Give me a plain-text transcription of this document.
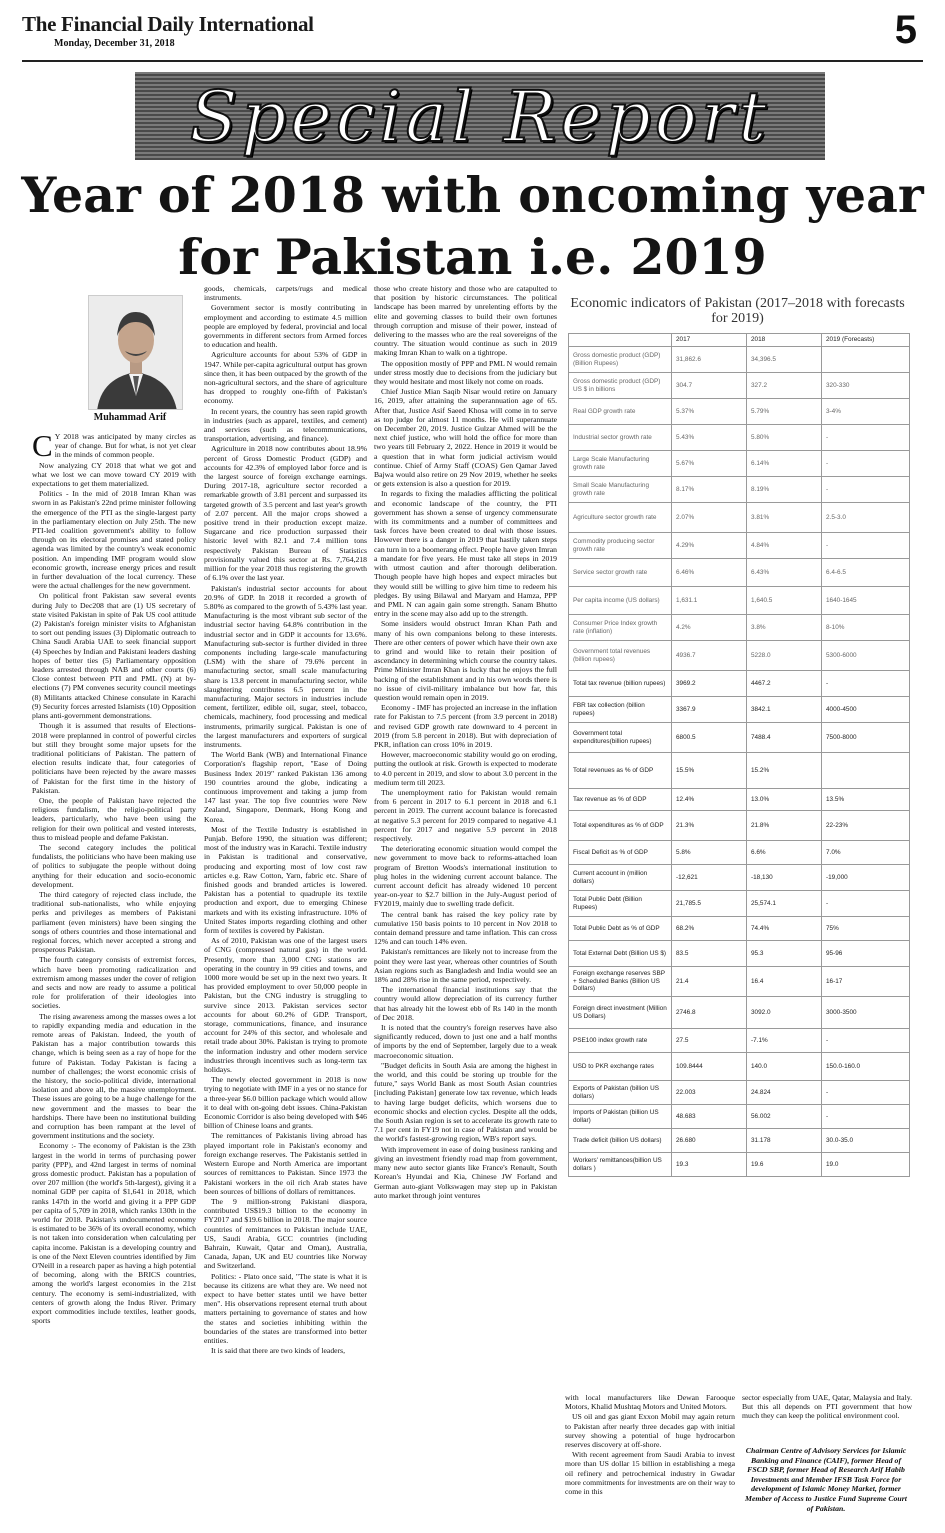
The Financial Daily International
Monday, December 31, 2018	5
Special Report
Year of 2018 with oncoming year for Pakistan i.e. 2019
Muhammad Arif

C Y 2018 was anticipated by many circles as year of change. But for what, is not yet clear in the minds of common people.

Now analyzing CY 2018 that what we got and what we lost we can move toward CY 2019 with expectations to get them materialized.

Politics - In the mid of 2018 Imran Khan was sworn in as Pakistan's 22nd prime minister following the emergence of the PTI as the single-largest party in the parliamentary election on July 25th. The new PTI-led coalition government's ability to follow through on its electoral promises and stated policy agenda was limited by the country's weak economic position. An impending IMF program would slow economic growth, increase energy prices and result in further devaluation of the local currency. These were the actual challenges for the new government.

On political front Pakistan saw several events during July to Dec208 that are (1) US secretary of state visited Pakistan in spite of Pak US cool attitude (2) Pakistan's foreign minister visits to Afghanistan to sort out pending issues (3) Diplomatic outreach to China Saudi Arabia UAE to seek financial support (4) Speeches by Indian and Pakistani leaders dashing hopes of better ties (5) Parliamentary opposition leaders arrested through NAB and other courts (6) Close contest between PTI and PML (N) at by-elections (7) PM convenes security council meetings (8) Militants attacked Chinese consulate in Karachi (9) Security forces arrested Islamists (10) Opposition plans anti-government demonstrations.

Though it is assumed that results of Elections-2018 were preplanned in control of powerful circles but still they brought some major upsets for the traditional politicians of Pakistan. The pattern of election results indicate that, four categories of politicians have been rejected by the aware masses of Pakistan for the first time in the history of Pakistan.

One, the people of Pakistan have rejected the religious fundalism, the religio-political party leaders, particularly, who have been using the religion for their own political and vested interests, thus to mislead people and defame Pakistan.

The second category includes the political fundalists, the politicians who have been making use of politics to subjugate the people without doing anything for their education and socio-economic development.

The third category of rejected class include, the traditional sub-nationalists, who while enjoying perks and privileges as members of Pakistani parliament (even ministers) have been singing the songs of others countries and those international and regional forces, which never accepted a strong and prosperous Pakistan.

The fourth category consists of extremist forces, which have been promoting radicalization and extremism among masses under the cover of religion and sects and now are ready to assume a political role for proliferation of their ideologies into societies.

The rising awareness among the masses owes a lot to rapidly expanding media and education in the remote areas of Pakistan. Indeed, the youth of Pakistan has a major contribution towards this change, which is being seen as a ray of hope for the future of Pakistan. Today Pakistan is facing a number of challenges; the worst economic crisis of the history, the socio-political divide, international isolation and above all, the massive unemployment. These issues are going to be a huge challenge for the new government and the masses to bear the hardships. There have been no institutional building and corruption has been rampant at the level of government institutions and the society.

Economy :- The economy of Pakistan is the 23th largest in the world in terms of purchasing power parity (PPP), and 42nd largest in terms of nominal gross domestic product. Pakistan has a population of over 207 million (the world's 5th-largest), giving it a nominal GDP per capita of $1,641 in 2018, which ranks 147th in the world and giving it a PPP GDP per capita of 5,709 in 2018, which ranks 130th in the world for 2018. Pakistan's undocumented economy is estimated to be 36% of its overall economy, which is not taken into consideration when calculating per capita income. Pakistan is a developing country and is one of the Next Eleven countries identified by Jim O'Neill in a research paper as having a high potential of becoming, along with the BRICS countries, among the world's largest economies in the 21st century. The economy is semi-industrialized, with centers of growth along the Indus River. Primary export commodities include textiles, leather goods, sports

goods, chemicals, carpets/rugs and medical instruments.

Government sector is mostly contributing in employment and according to estimate 4.5 million people are employed by federal, provincial and local governments in different sectors from Armed forces to education and health.

Agriculture accounts for about 53% of GDP in 1947. While per-capita agricultural output has grown since then, it has been outpaced by the growth of the non-agricultural sectors, and the share of agriculture has dropped to roughly one-fifth of Pakistan's economy.

In recent years, the country has seen rapid growth in industries (such as apparel, textiles, and cement) and services (such as telecommunications, transportation, advertising, and finance).

Agriculture in 2018 now contributes about 18.9% percent of Gross Domestic Product (GDP) and accounts for 42.3% of employed labor force and is the largest source of foreign exchange earnings. During 2017-18, agriculture sector recorded a remarkable growth of 3.81 percent and surpassed its targeted growth of 3.5 percent and last year's growth of 2.07 percent. All the major crops showed a positive trend in their production except maize. Sugarcane and rice production surpassed their historic level with 82.1 and 7.4 million tons respectively Pakistan Bureau of Statistics provisionally valued this sector at Rs. 7,764,218 million for the year 2018 thus registering the growth of 6.1% over the last year.

Pakistan's industrial sector accounts for about 20.9% of GDP. In 2018 it recorded a growth of 5.80% as compared to the growth of 5.43% last year. Manufacturing is the most vibrant sub sector of the industrial sector having 64.8% contribution in the industrial sector and in GDP it accounts for 13.6%. Manufacturing sub-sector is further divided in three components including large-scale manufacturing (LSM) with the share of 79.6% percent in manufacturing sector, small scale manufacturing share is 13.8 percent in manufacturing sector, while slaughtering contributes 6.5 percent in the manufacturing. Major sectors in industries include cement, fertilizer, edible oil, sugar, steel, tobacco, chemicals, machinery, food processing and medical instruments, primarily surgical. Pakistan is one of the largest manufacturers and exporters of surgical instruments.

The World Bank (WB) and International Finance Corporation's flagship report, "Ease of Doing Business Index 2019" ranked Pakistan 136 among 190 countries around the globe, indicating a continuous improvement and taking a jump from 147 last year. The top five countries were New Zealand, Singapore, Denmark, Hong Kong and Korea.

Most of the Textile Industry is established in Punjab. Before 1990, the situation was different; most of the industry was in Karachi. Textile industry in Pakistan is traditional and conservative, producing and exporting most of low cost raw articles e.g. Raw Cotton, Yarn, fabric etc. Share of finished goods and branded articles is lowered. Pakistan has a potential to quadruple its textile production and export, due to emerging Chinese markets and with its existing infrastructure. 10% of United States imports regarding clothing and other form of textiles is covered by Pakistan.

As of 2010, Pakistan was one of the largest users of CNG (compressed natural gas) in the world. Presently, more than 3,000 CNG stations are operating in the country in 99 cities and towns, and 1000 more would be set up in the next two years. It has provided employment to over 50,000 people in Pakistan, but the CNG industry is struggling to survive since 2013. Pakistan services sector accounts for about 60.2% of GDP. Transport, storage, communications, finance, and insurance account for 24% of this sector, and wholesale and retail trade about 30%. Pakistan is trying to promote the information industry and other modern service industries through incentives such as long-term tax holidays.

The newly elected government in 2018 is now trying to negotiate with IMF in a yes or no stance for a three-year $6.0 billion package which would allow it to deal with on-going debt issues. China-Pakistan Economic Corridor is also being developed with $46 billion of Chinese loans and grants.

The remittances of Pakistanis living abroad has played important role in Pakistan's economy and foreign exchange reserves. The Pakistanis settled in Western Europe and North America are important sources of remittances to Pakistan. Since 1973 the Pakistani workers in the oil rich Arab states have been sources of billions of dollars of remittances.

The 9 million-strong Pakistani diaspora, contributed US$19.3 billion to the economy in FY2017 and $19.6 billion in 2018. The major source countries of remittances to Pakistan include UAE, US, Saudi Arabia, GCC countries (including Bahrain, Kuwait, Qatar and Oman), Australia, Canada, Japan, UK and EU countries like Norway and Switzerland.

Politics: - Plato once said, "The state is what it is because its citizens are what they are. We need not expect to have better states until we have better men". His observations represent eternal truth about matters pertaining to governance of states and how the states and societies inhibiting within the boundaries of the states are transformed into better entities.

It is said that there are two kinds of leaders,

those who create history and those who are catapulted to that position by historic circumstances. The political landscape has been marred by unrelenting efforts by the elite and governing classes to build their own fortunes through corruption and misuse of their power, instead of delivering to the masses who are the real sovereigns of the country. The situation would continue as such in 2019 making Imran Khan to walk on a tightrope.

The opposition mostly of PPP and PML N would remain under stress mostly due to decisions from the judiciary but they would hesitate and most likely not come on roads.

Chief Justice Mian Saqib Nisar would retire on January 16, 2019, after attaining the superannuation age of 65. After that, Justice Asif Saeed Khosa will come in to serve as top judge for almost 11 months. He will superannuate on December 20, 2019. Justice Gulzar Ahmed will be the next chief justice, who will hold the office for more than two years till February 2, 2022. Hence in 2019 it would be a question that in what form judicial activism would continue. Chief of Army Staff (COAS) Gen Qamar Javed Bajwa would also retire on 29 Nov 2019, whether he seeks or gets extension is also a question for 2019.

In regards to fixing the maladies afflicting the political and economic landscape of the country, the PTI government has shown a sense of urgency commensurate with its commitments and a number of committees and task forces have been created to deal with those issues. However there is a danger in 2019 that hastily taken steps can turn in to a boomerang effect. People have given Imran a mandate for five years. He must take all steps in 2019 with utmost caution and after thorough deliberation. Though people have high hopes and expect miracles but they would still be willing to give him time to redeem his pledges. By using Bilawal and Maryam and Hamza, PPP and PML N can again gain some strength. Sanam Bhutto entry in the scene may also add up to the strength.

Some insiders would obstruct Imran Khan Path and many of his own companions belong to these interests. There are other centers of power which have their own axe to grind and would like to retain their position of ascendancy in determining which course the country takes. Prime Minister Imran Khan is lucky that he enjoys the full backing of the establishment and in his own words there is no issue of civil-military imbalance but how far, this question would remain open in 2019.

Economy - IMF has projected an increase in the inflation rate for Pakistan to 7.5 percent (from 3.9 percent in 2018) and revised GDP growth rate downward to 4 percent in 2019 (from 5.8 percent in 2018). But with depreciation of PKR, inflation can cross 10% in 2019.

However, macroeconomic stability would go on eroding, putting the outlook at risk. Growth is expected to moderate to 4.0 percent in 2019, and slow to about 3.0 percent in the medium term till 2023.

The unemployment ratio for Pakistan would remain from 6 percent in 2017 to 6.1 percent in 2018 and 6.1 percent in 2019. The current account balance is forecasted at negative 5.3 percent for 2019 compared to negative 4.1 percent for 2017 and negative 5.9 percent in 2018 respectively.

The deteriorating economic situation would compel the new government to move back to reforms-attached loan program of Bretton Woods's international institution to plug holes in the widening current account balance. The current account deficit has already widened 10 percent year-on-year to $2.7 billion in the July-August period of FY2019, mainly due to swelling trade deficit.

The central bank has raised the key policy rate by cumulative 150 basis points to 10 percent in Nov 2018 to contain demand pressure and tame inflation. This can cross 12% and can touch 14% even.

Pakistan's remittances are likely not to increase from the point they were last year, whereas other countries of South Asian regions such as Bangladesh and India would see an 18% and 28% rise in the same period, respectively.

The international financial institutions say that the country would allow depreciation of its currency further that has already hit the lowest ebb of Rs 140 in the month of Dec 2018.

It is noted that the country's foreign reserves have also significantly reduced, down to just one and a half months of imports by the end of September, largely due to a weak macroeconomic situation.

"Budget deficits in South Asia are among the highest in the world, and this could be storing up trouble for the future," says World Bank as most South Asian countries [including Pakistan] generate low tax revenue, which leads to having large budget deficits, which worsens due to economic shocks and election cycles. Despite all the odds, the South Asian region is set to accelerate its growth rate to 7.1 per cent in FY19 not in case of Pakistan and would be the world's fastest-growing region, WB's report says.

With improvement in ease of doing business ranking and giving an investment friendly road map from government, many new auto sector giants like France's Renault, South Korean's Hyundai and Kia, Chinese JW Forland and German auto-giant Volkswagen may step up in Pakistan auto market through joint ventures

Economic indicators of Pakistan (2017–2018 with forecasts for 2019)
	2017	2018	2019 (Forecasts)
Gross domestic product (GDP)(Billion Rupees)	31,862.6	34,396.5	
Gross domestic product (GDP) US $ in billions	304.7	327.2	320-330
Real GDP growth rate	5.37%	5.79%	3-4%
Industrial sector growth rate	5.43%	5.80%	-
Large Scale Manufacturing growth rate	5.67%	6.14%	-
Small Scale Manufacturing growth rate	8.17%	8.19%	-
Agriculture sector growth rate	2.07%	3.81%	2.5-3.0
Commodity producing sector growth rate	4.29%	4.84%	-
Service sector growth rate	6.46%	6.43%	6.4-6.5
Per capita income (US dollars)	1,631.1	1,640.5	1640-1645
Consumer Price Index growth rate (inflation)	4.2%	3.8%	8-10%
Government total revenues (billion rupees)	4936.7	5228.0	5300-6000
Total tax revenue (billion rupees)	3969.2	4467.2	-
FBR tax collection (billion rupees)	3367.9	3842.1	4000-4500
Government total expenditures(billion rupees)	6800.5	7488.4	7500-8000
Total revenues as % of GDP	15.5%	15.2%	
Tax revenue as % of GDP	12.4%	13.0%	13.5%
Total expenditures as % of GDP	21.3%	21.8%	22-23%
Fiscal Deficit as % of GDP	5.8%	6.6%	7.0%
Current account in (million dollars)	-12,621	-18,130	-19,000
Total Public Debt (Billion Rupees)	21,785.5	25,574.1	-
Total Public Debt as % of GDP	68.2%	74.4%	75%
Total External Debt (Billion US $)	83.5	95.3	95-96
Foreign exchange reserves SBP + Scheduled Banks (Billion US Dollars)	21.4	16.4	16-17
Foreign direct investment (Million US Dollars)	2746.8	3092.0	3000-3500
PSE100 index growth rate	27.5	-7.1%	-
USD to PKR exchange rates	109.8444	140.0	150.0-160.0
Exports of Pakistan (billion US dollars)	22.003	24.824	-
Imports of Pakistan (billion US dollar)	48.683	56.002	-
Trade deficit (billion US dollars)	26.680	31.178	30.0-35.0
Workers' remittances(billion US dollars )	19.3	19.6	19.0

with local manufacturers like Dewan Farooque Motors, Khalid Mushtaq Motors and United Motors.

US oil and gas giant Exxon Mobil may again return to Pakistan after nearly three decades gap with initial survey showing a potential of huge hydrocarbon reserves discovery at off-shore.

With recent agreement from Saudi Arabia to invest more than US dollar 15 billion in establishing a mega oil refinery and petrochemical industry in Gwadar more commitments for investments are on their way to come in this

sector especially from UAE, Qatar, Malaysia and Italy. But this all depends on PTI government that how much they can keep the political environment cool.

Chairman Centre of Advisory Services for Islamic Banking and Finance (CAIF), former Head of FSCD SBP, former Head of Research Arif Habib Investments and Member IFSB Task Force for development of Islamic Money Market, former Member of Access to Justice Fund Supreme Court of Pakistan.
